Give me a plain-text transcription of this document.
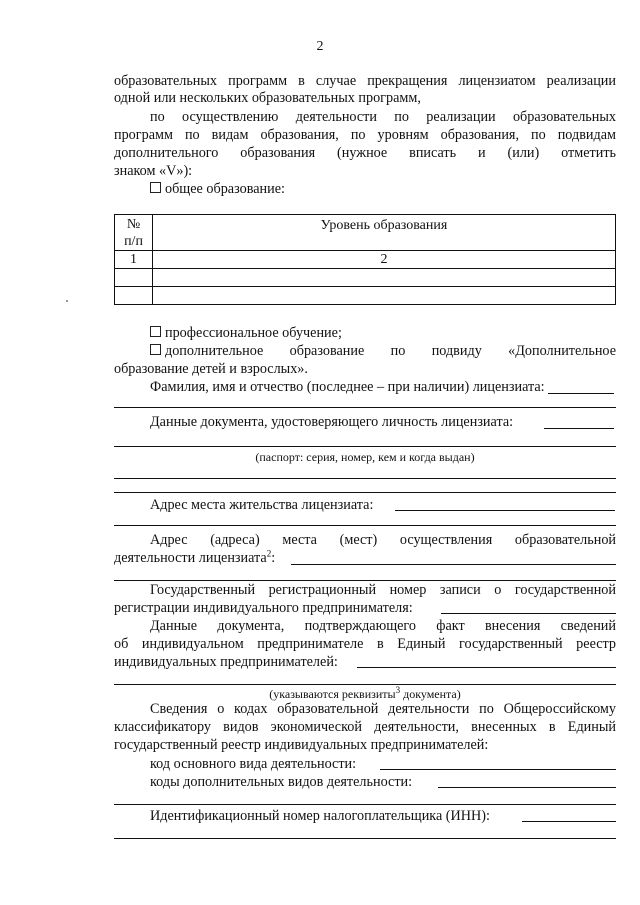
2
образовательных программ в случае прекращения лицензиатом реализации
одной или нескольких образовательных программ,
по осуществлению деятельности по реализации образовательных
программ по видам образования, по уровням образования, по подвидам
дополнительного образования (нужное вписать и (или) отметить
знаком «V»):
общее образование:
№
п/п	Уровень образования
1	2

профессиональное обучение;
дополнительное образование по подвиду «Дополнительное
образование детей и взрослых».
Фамилия, имя и отчество (последнее – при наличии) лицензиата:
Данные документа, удостоверяющего личность лицензиата:
(паспорт: серия, номер, кем и когда выдан)
Адрес места жительства лицензиата:
Адрес (адреса) места (мест) осуществления образовательной
деятельности лицензиата$^2$:
Государственный регистрационный номер записи о государственной
регистрации индивидуального предпринимателя:
Данные документа, подтверждающего факт внесения сведений
об индивидуальном предпринимателе в Единый государственный реестр
индивидуальных предпринимателей:
(указываются реквизиты$^3$ документа)
Сведения о кодах образовательной деятельности по Общероссийскому
классификатору видов экономической деятельности, внесенных в Единый
государственный реестр индивидуальных предпринимателей:
код основного вида деятельности:
коды дополнительных видов деятельности:
Идентификационный номер налогоплательщика (ИНН):
